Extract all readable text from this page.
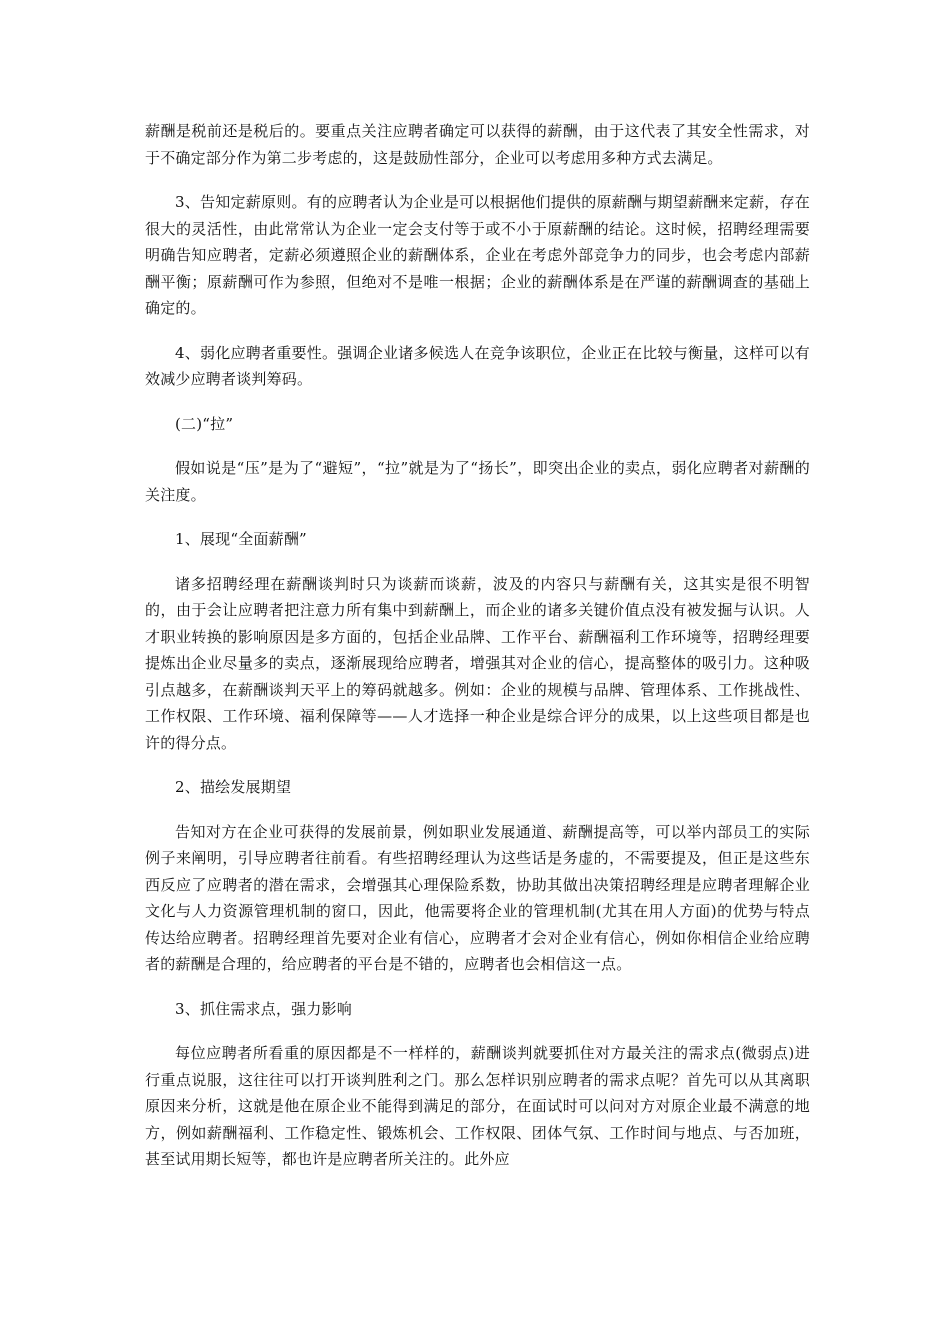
薪酬是税前还是税后的。要重点关注应聘者确定可以获得的薪酬，由于这代表了其安全性需求，对于不确定部分作为第二步考虑的，这是鼓励性部分，企业可以考虑用多种方式去满足。

3、告知定薪原则。有的应聘者认为企业是可以根据他们提供的原薪酬与期望薪酬来定薪，存在很大的灵活性，由此常常认为企业一定会支付等于或不小于原薪酬的结论。这时候，招聘经理需要明确告知应聘者，定薪必须遵照企业的薪酬体系，企业在考虑外部竞争力的同步，也会考虑内部薪酬平衡；原薪酬可作为参照，但绝对不是唯一根据；企业的薪酬体系是在严谨的薪酬调查的基础上确定的。

4、弱化应聘者重要性。强调企业诸多候选人在竞争该职位，企业正在比较与衡量，这样可以有效减少应聘者谈判筹码。

(二)“拉”

假如说是“压”是为了“避短”，“拉”就是为了“扬长”，即突出企业的卖点，弱化应聘者对薪酬的关注度。

1、展现“全面薪酬”

诸多招聘经理在薪酬谈判时只为谈薪而谈薪，波及的内容只与薪酬有关，这其实是很不明智的，由于会让应聘者把注意力所有集中到薪酬上，而企业的诸多关键价值点没有被发掘与认识。人才职业转换的影响原因是多方面的，包括企业品牌、工作平台、薪酬福利工作环境等，招聘经理要提炼出企业尽量多的卖点，逐渐展现给应聘者，增强其对企业的信心，提高整体的吸引力。这种吸引点越多，在薪酬谈判天平上的筹码就越多。例如：企业的规模与品牌、管理体系、工作挑战性、工作权限、工作环境、福利保障等——人才选择一种企业是综合评分的成果，以上这些项目都是也许的得分点。

2、描绘发展期望

告知对方在企业可获得的发展前景，例如职业发展通道、薪酬提高等，可以举内部员工的实际例子来阐明，引导应聘者往前看。有些招聘经理认为这些话是务虚的，不需要提及，但正是这些东西反应了应聘者的潜在需求，会增强其心理保险系数，协助其做出决策招聘经理是应聘者理解企业文化与人力资源管理机制的窗口，因此，他需要将企业的管理机制(尤其在用人方面)的优势与特点传达给应聘者。招聘经理首先要对企业有信心，应聘者才会对企业有信心，例如你相信企业给应聘者的薪酬是合理的，给应聘者的平台是不错的，应聘者也会相信这一点。

3、抓住需求点，强力影响

每位应聘者所看重的原因都是不一样样的，薪酬谈判就要抓住对方最关注的需求点(微弱点)进行重点说服，这往往可以打开谈判胜利之门。那么怎样识别应聘者的需求点呢？首先可以从其离职原因来分析，这就是他在原企业不能得到满足的部分，在面试时可以问对方对原企业最不满意的地方，例如薪酬福利、工作稳定性、锻炼机会、工作权限、团体气氛、工作时间与地点、与否加班，甚至试用期长短等，都也许是应聘者所关注的。此外应
